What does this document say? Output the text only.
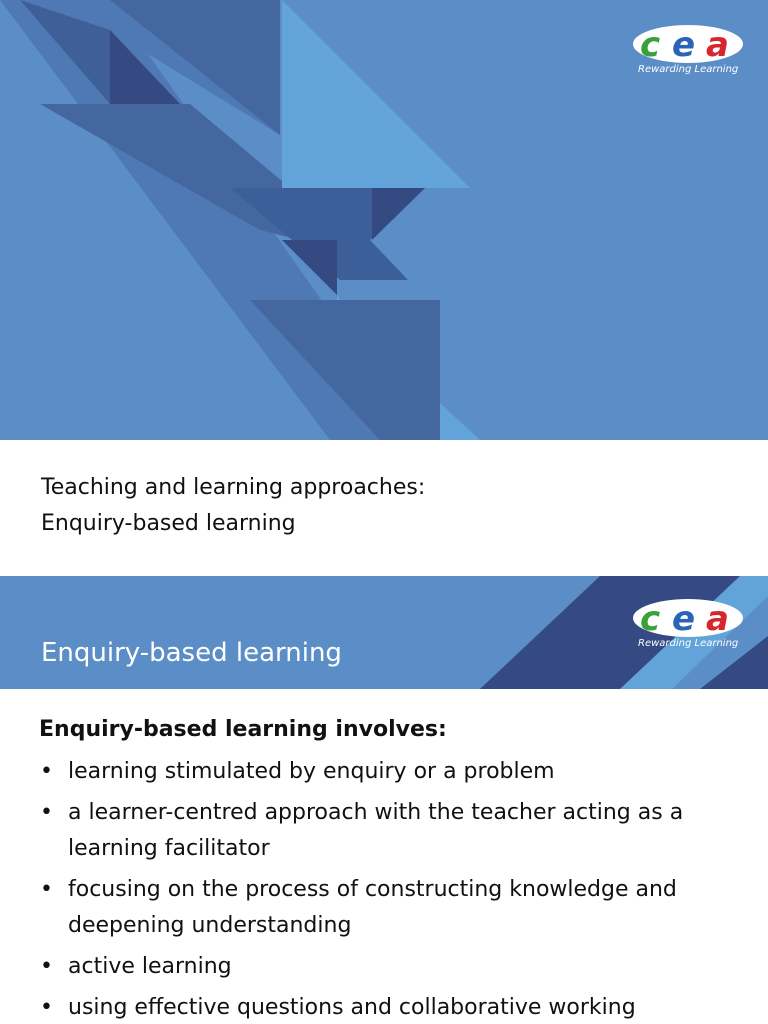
c e a
Rewarding Learning
Teaching and learning approaches:
Enquiry-based learning
c e a
Rewarding Learning
Enquiry-based learning
Enquiry-based learning involves:
• learning stimulated by enquiry or a problem
• a learner-centred approach with the teacher acting as a learning facilitator
• focusing on the process of constructing knowledge and deepening understanding
• active learning
• using effective questions and collaborative working
